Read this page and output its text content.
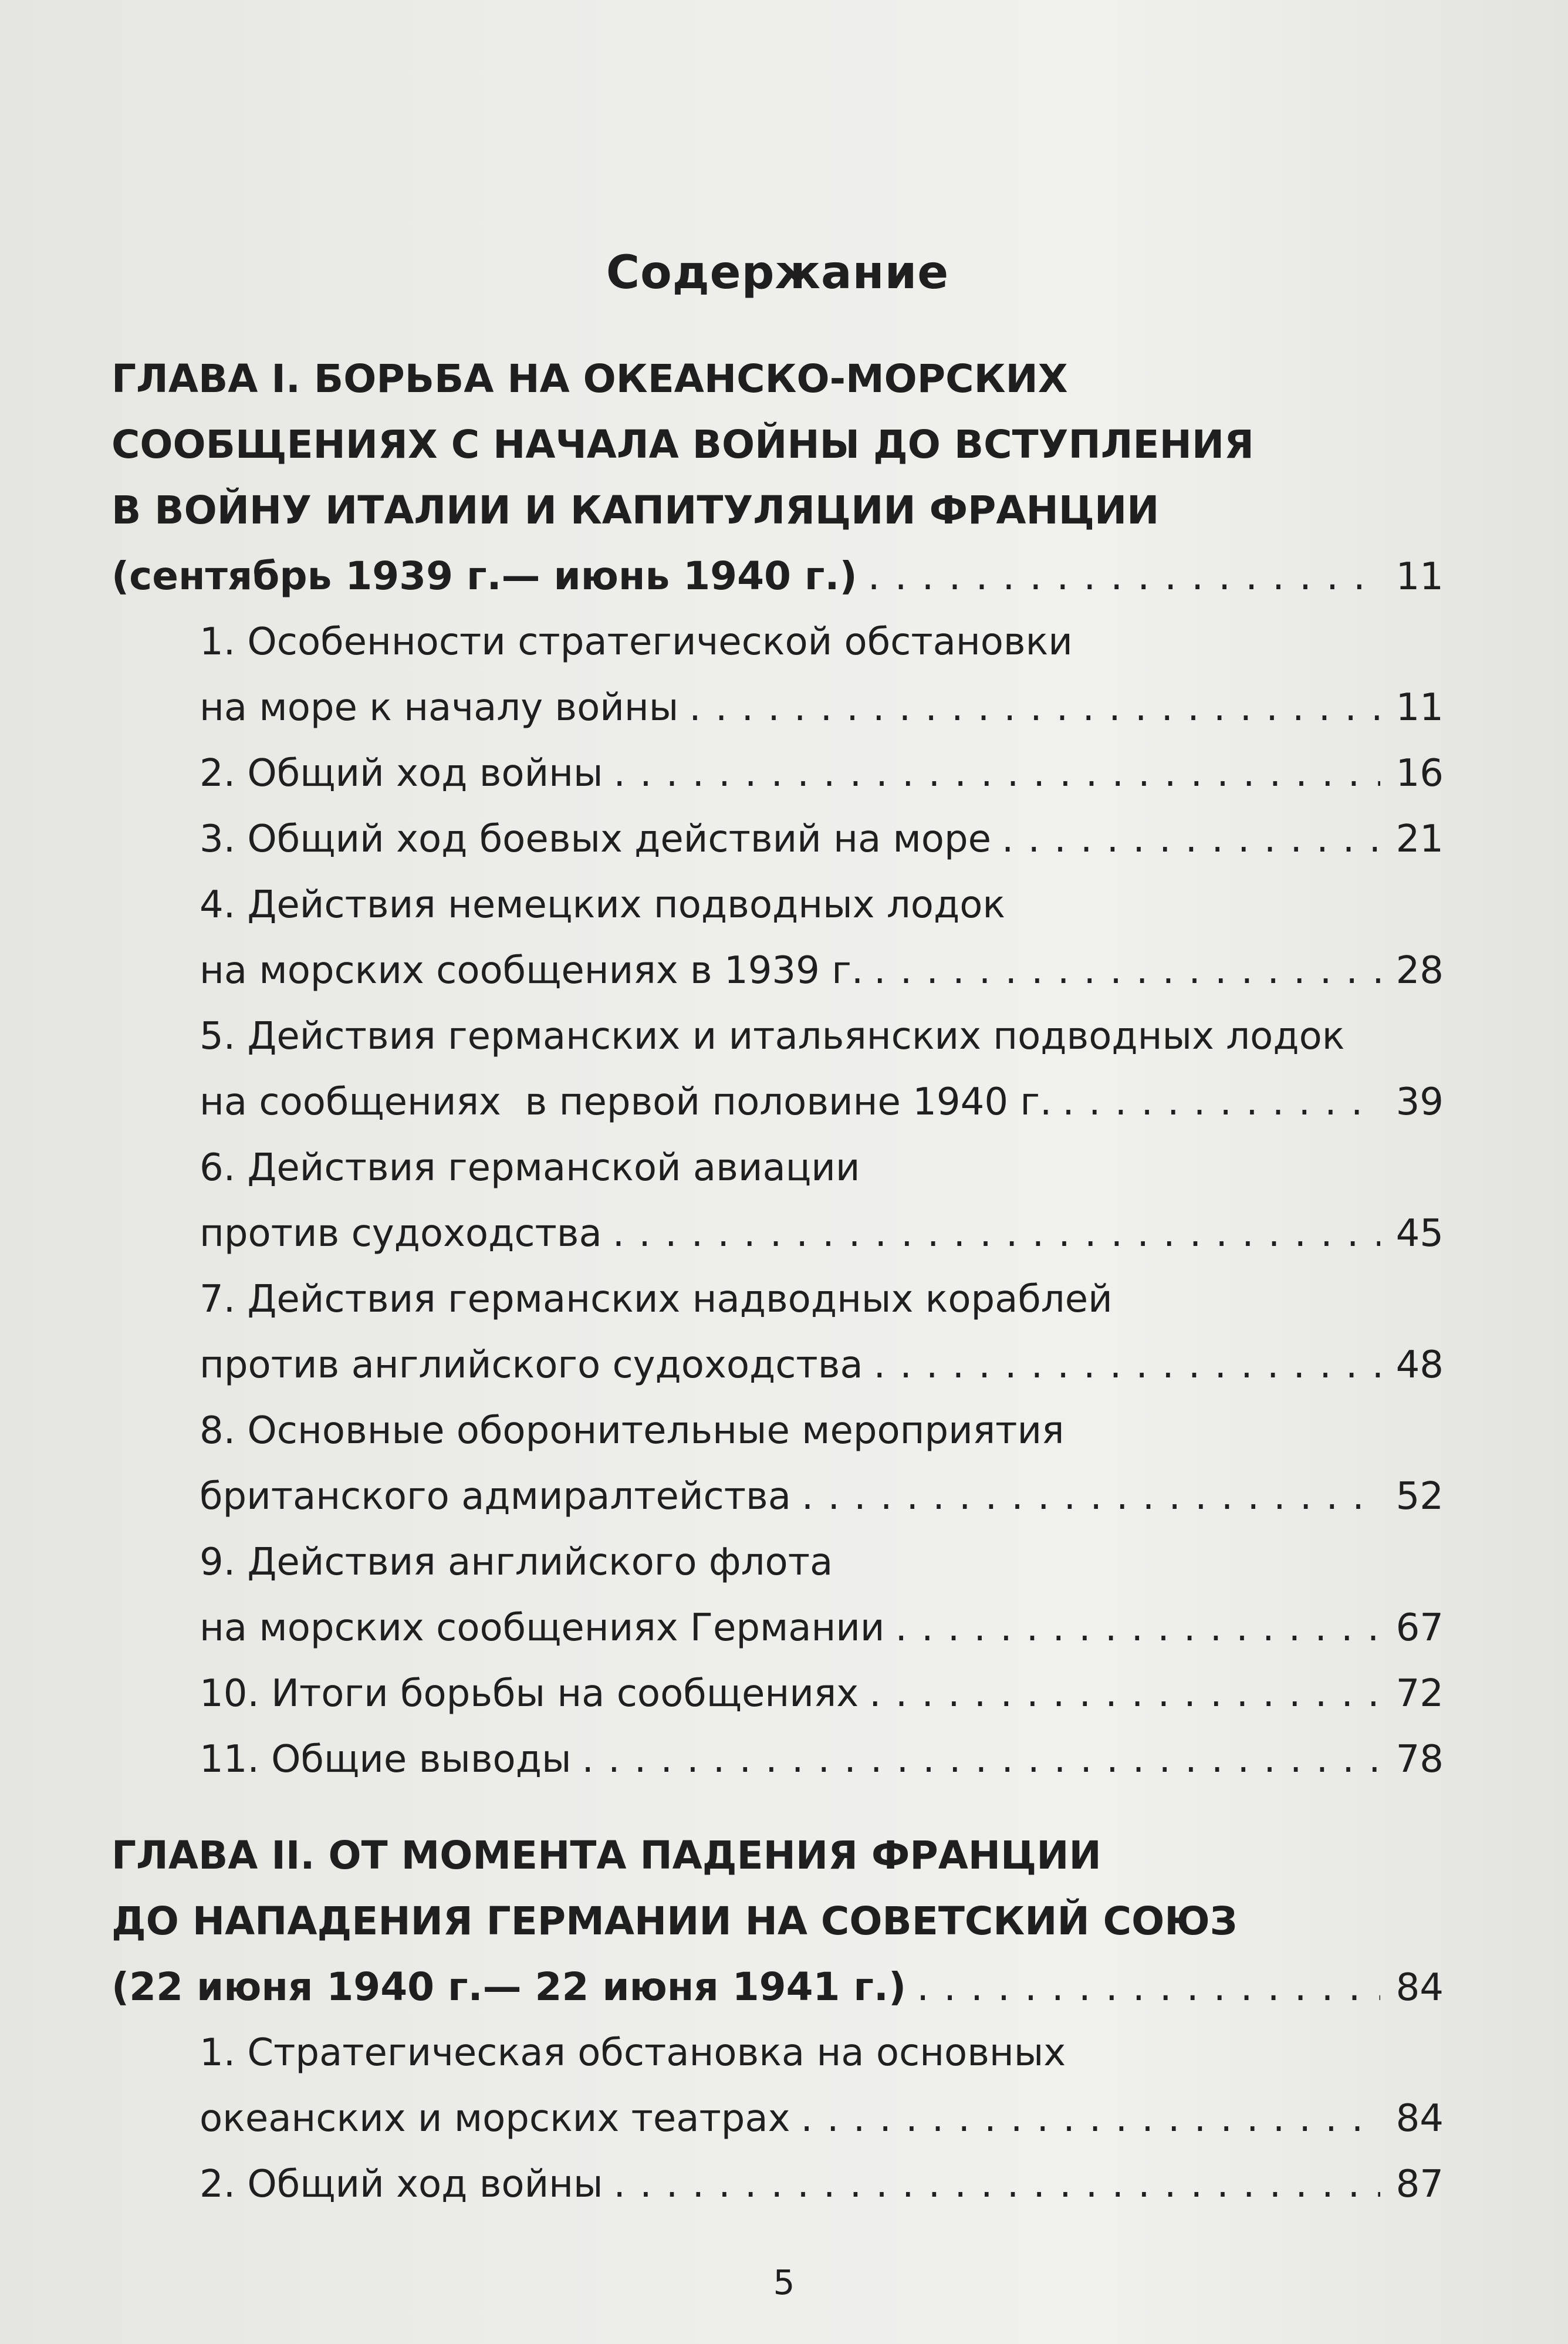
Содержание

ГЛАВА I. БОРЬБА НА ОКЕАНСКО-МОРСКИХ

СООБЩЕНИЯХ С НАЧАЛА ВОЙНЫ ДО ВСТУПЛЕНИЯ

В ВОЙНУ ИТАЛИИ И КАПИТУЛЯЦИИ ФРАНЦИИ

(сентябрь 1939 г.— июнь 1940 г.) . . .	11

1. Особенности стратегической обстановки

на море к началу войны . . .	11
2. Общий ход войны . . .	16
3. Общий ход боевых действий на море . . .	21

4. Действия немецких подводных лодок

на морских сообщениях в 1939 г. . . .	28

5. Действия германских и итальянских подводных лодок

на сообщениях  в первой половине 1940 г. . . .	39

6. Действия германской авиации

против судоходства . . .	45

7. Действия германских надводных кораблей

против английского судоходства . . .	48

8. Основные оборонительные мероприятия

британского адмиралтейства . . .	52

9. Действия английского флота

на морских сообщениях Германии . . .	67
10. Итоги борьбы на сообщениях . . .	72
11. Общие выводы . . .	78

ГЛАВА II. ОТ МОМЕНТА ПАДЕНИЯ ФРАНЦИИ

ДО НАПАДЕНИЯ ГЕРМАНИИ НА СОВЕТСКИЙ СОЮЗ

(22 июня 1940 г.— 22 июня 1941 г.) . . .	84

1. Стратегическая обстановка на основных

океанских и морских театрах . . .	84
2. Общий ход войны . . .	87
5
